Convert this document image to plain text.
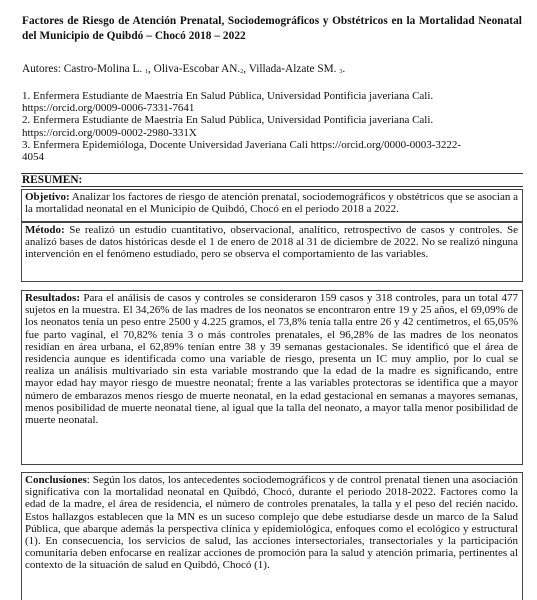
Factores de Riesgo de Atención Prenatal, Sociodemográficos y Obstétricos en la Mortalidad Neonatal del Municipio de Quibdó – Chocó 2018 – 2022
Autores: Castro-Molina L. $_1$, Oliva-Escobar $AN._2$, Villada-Alzate SM. $_3$.
1. Enfermera Estudiante de Maestría En Salud Pública, Universidad Pontificia javeriana Cali.
https://orcid.org/0009-0006-7331-7641
2. Enfermera Estudiante de Maestría En Salud Pública, Universidad Pontificia javeriana Cali.
https://orcid.org/0009-0002-2980-331X
3. Enfermera Epidemióloga, Docente Universidad Javeriana Cali https://orcid.org/0000-0003-3222-
4054
RESUMEN:
Objetivo: Analizar los factores de riesgo de atención prenatal, sociodemográficos y obstétricos que se asocian a la mortalidad neonatal en el Municipio de Quibdó, Chocó en el periodo 2018 a 2022.
Método: Se realizó un estudio cuantitativo, observacional, analítico, retrospectivo de casos y controles. Se analizó bases de datos históricas desde el 1 de enero de 2018 al 31 de diciembre de 2022. No se realizó ninguna intervención en el fenómeno estudiado, pero se observa el comportamiento de las variables.
Resultados: Para el análisis de casos y controles se consideraron 159 casos y 318 controles, para un total 477 sujetos en la muestra. El 34,26% de las madres de los neonatos se encontraron entre 19 y 25 años, el 69,09% de los neonatos tenía un peso entre 2500 y 4.225 gramos, el 73,8% tenía talla entre 26 y 42 centímetros, el 65,05% fue parto vaginal, el 70,82% tenía 3 o más controles prenatales, el 96,28% de las madres de los neonatos residían en área urbana, el 62,89% tenían entre 38 y 39 semanas gestacionales. Se identificó que el área de residencia aunque es identificada como una variable de riesgo, presenta un IC muy amplio, por lo cual se realiza un análisis multivariado sin esta variable mostrando que la edad de la madre es significando, entre mayor edad hay mayor riesgo de muestre neonatal; frente a las variables protectoras se identifica que a mayor número de embarazos menos riesgo de muerte neonatal, en la edad gestacional en semanas a mayores semanas, menos posibilidad de muerte neonatal tiene, al igual que la talla del neonato, a mayor talla menor posibilidad de muerte neonatal.
Conclusiones: Según los datos, los antecedentes sociodemográficos y de control prenatal tienen una asociación significativa con la mortalidad neonatal en Quibdó, Chocó, durante el periodo 2018-2022. Factores como la edad de la madre, el área de residencia, el número de controles prenatales, la talla y el peso del recién nacido. Estos hallazgos establecen que la MN es un suceso complejo que debe estudiarse desde un marco de la Salud Pública, que abarque además la perspectiva clínica y epidemiológica, enfoques como el ecológico y estructural (1). En consecuencia, los servicios de salud, las acciones intersectoriales, transectoriales y la participación comunitaria deben enfocarse en realizar acciones de promoción para la salud y atención primaria, pertinentes al contexto de la situación de salud en Quibdó, Chocó (1).
